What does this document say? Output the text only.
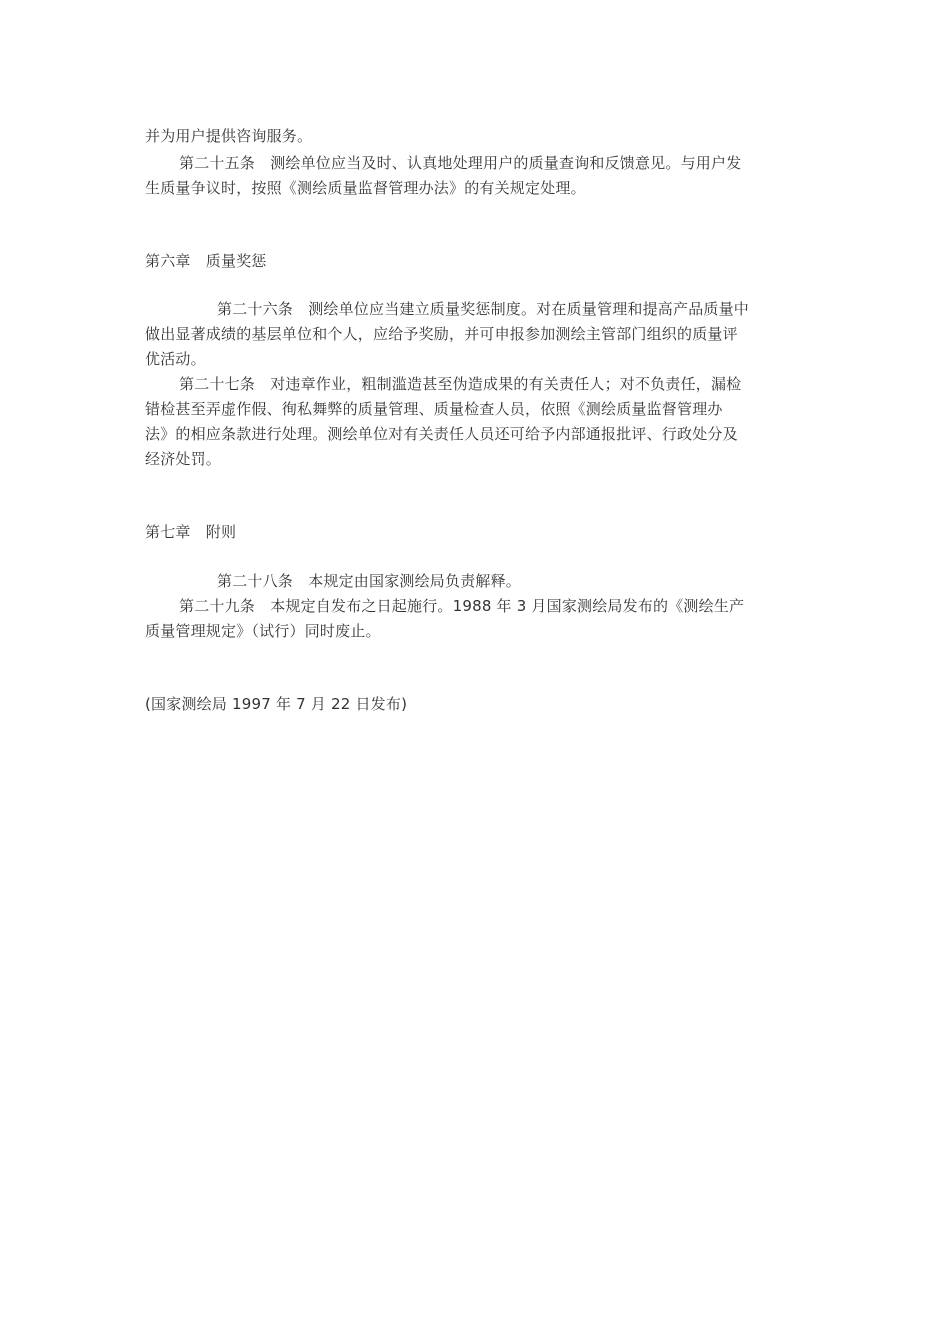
并为用户提供咨询服务。
第二十五条　测绘单位应当及时、认真地处理用户的质量查询和反馈意见。与用户发
生质量争议时，按照《测绘质量监督管理办法》的有关规定处理。
第六章　质量奖惩
第二十六条　测绘单位应当建立质量奖惩制度。对在质量管理和提高产品质量中
做出显著成绩的基层单位和个人，应给予奖励，并可申报参加测绘主管部门组织的质量评
优活动。
第二十七条　对违章作业，粗制滥造甚至伪造成果的有关责任人；对不负责任，漏检
错检甚至弄虚作假、徇私舞弊的质量管理、质量检查人员，依照《测绘质量监督管理办
法》的相应条款进行处理。测绘单位对有关责任人员还可给予内部通报批评、行政处分及
经济处罚。
第七章　附则
第二十八条　本规定由国家测绘局负责解释。
第二十九条　本规定自发布之日起施行。1988 年 3 月国家测绘局发布的《测绘生产
质量管理规定》（试行）同时废止。
(国家测绘局 1997 年 7 月 22 日发布)
